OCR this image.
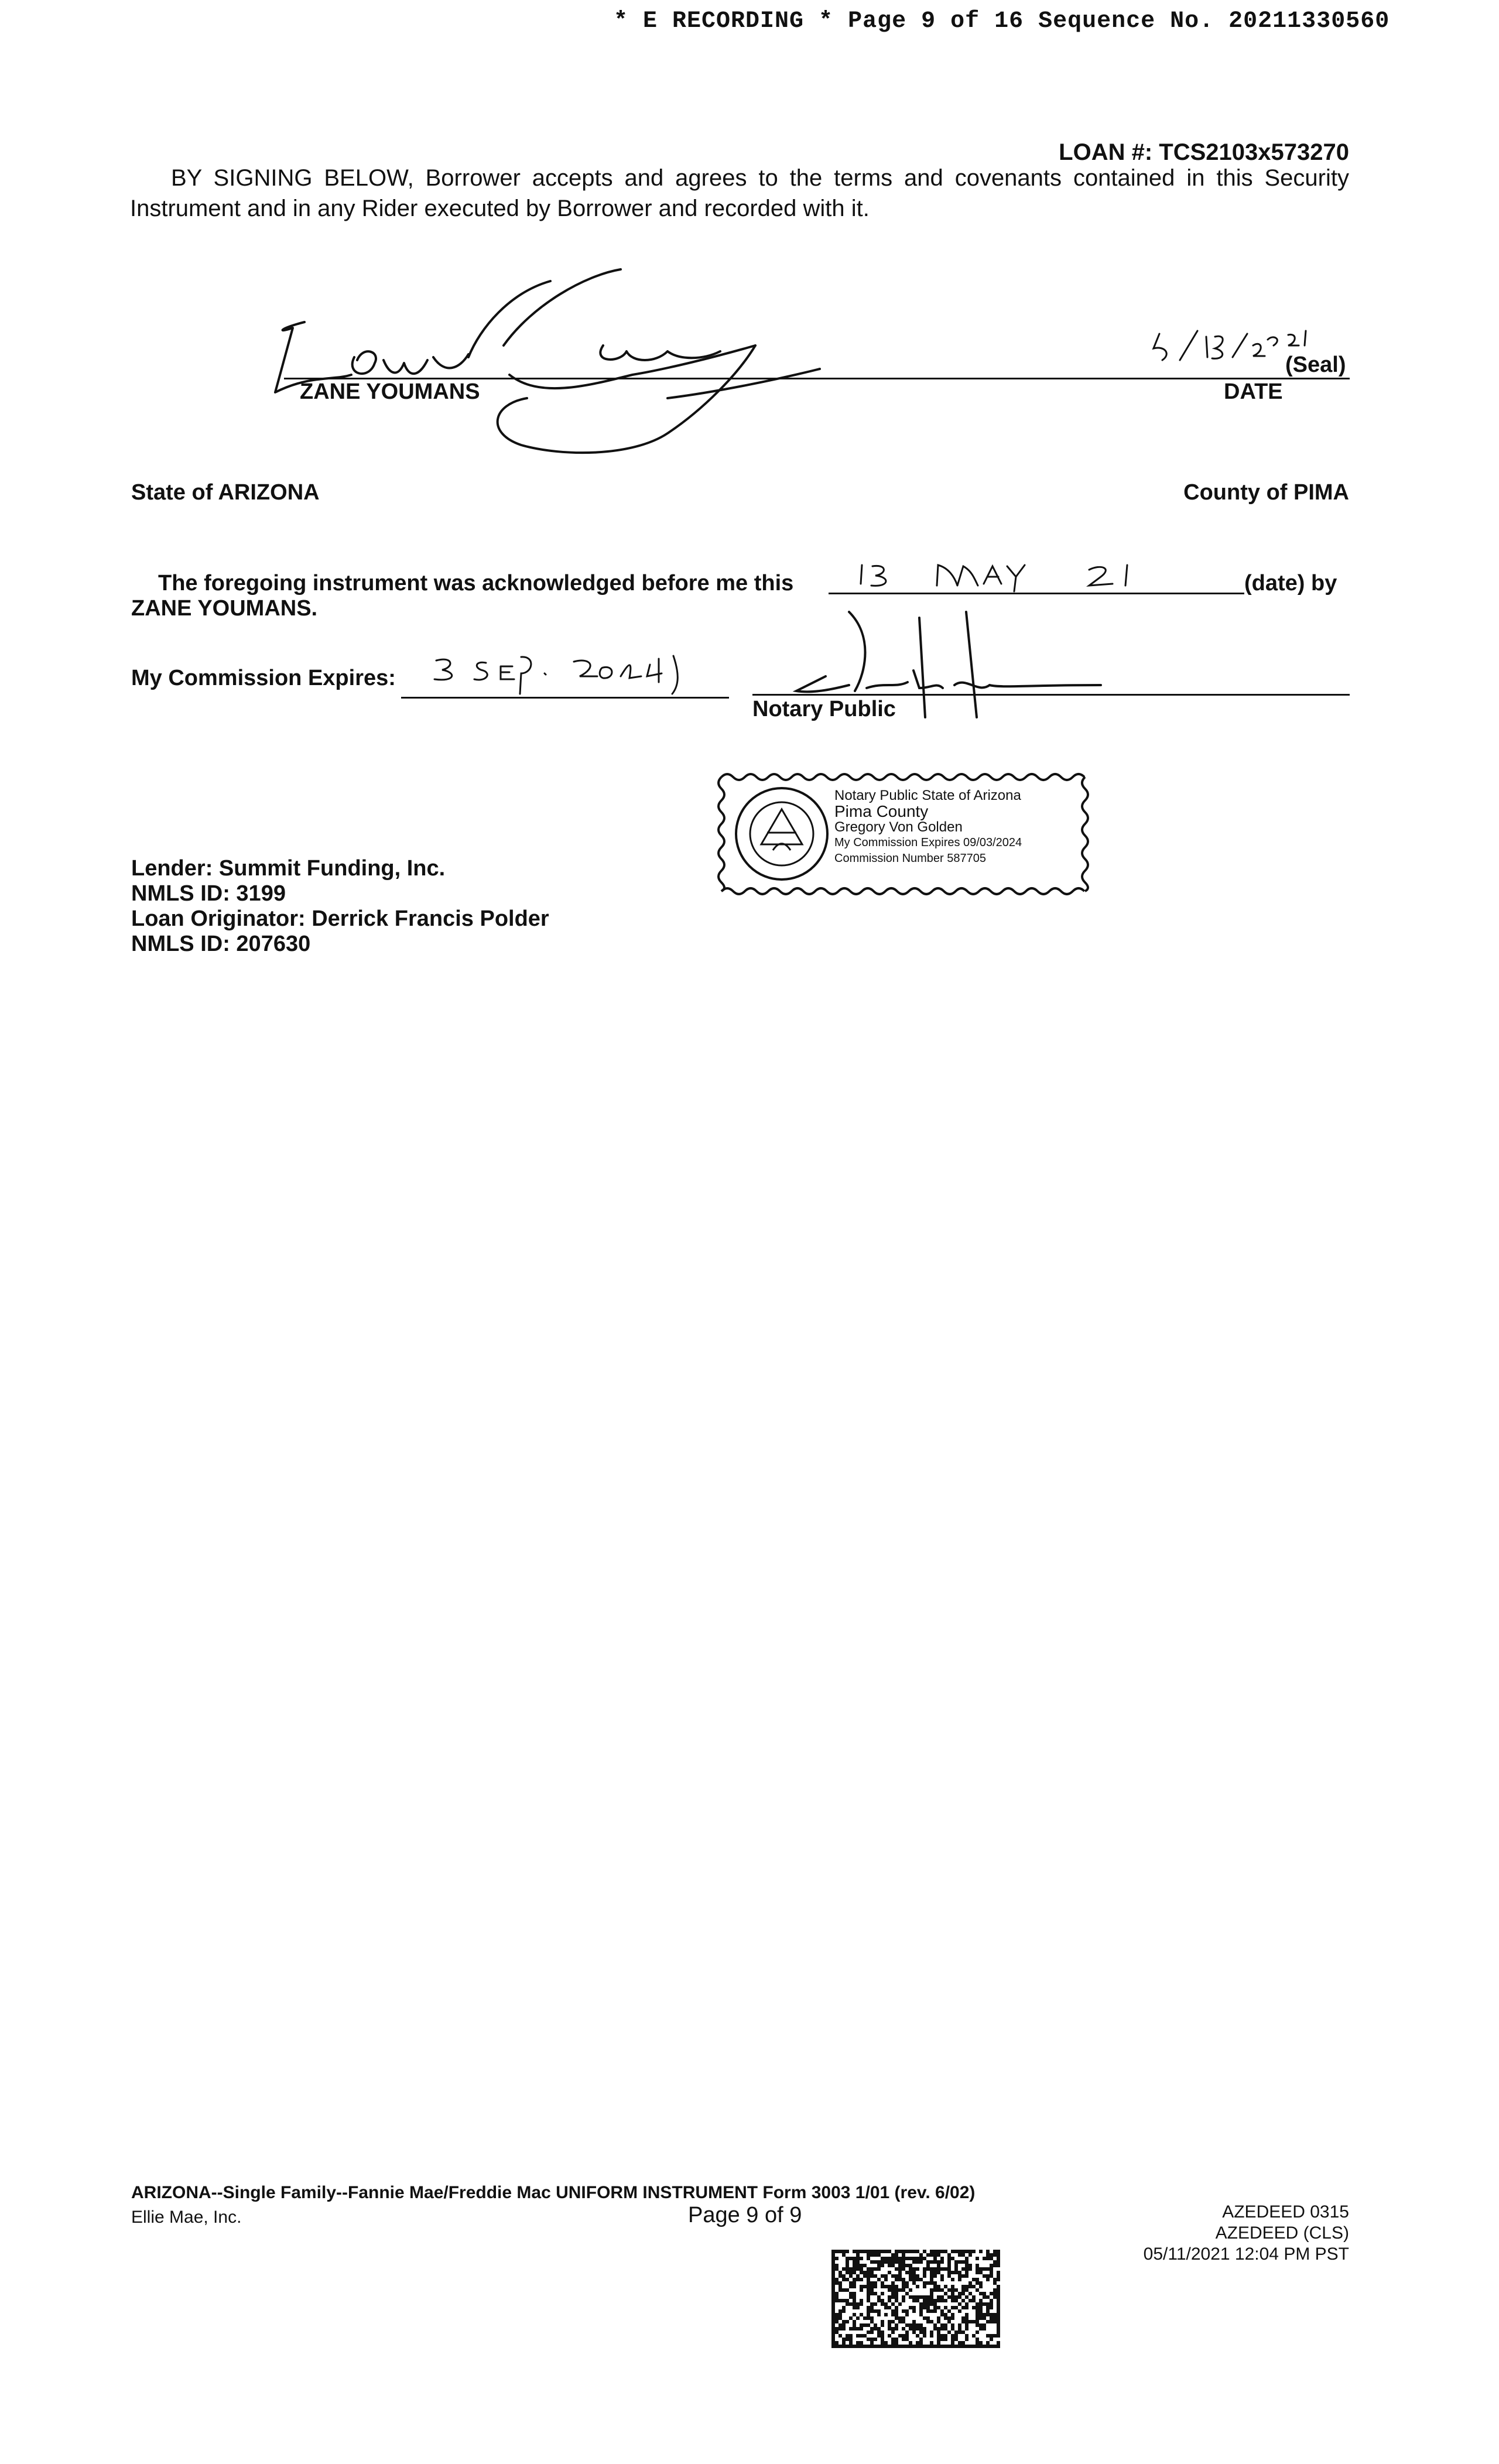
* E RECORDING * Page 9 of 16 Sequence No. 20211330560
LOAN #: TCS2103x573270
BY SIGNING BELOW, Borrower accepts and agrees to the terms and covenants contained in this Security Instrument and in any Rider executed by Borrower and recorded with it.
(Seal)
ZANE YOUMANS	DATE
State of ARIZONA	County of PIMA
The foregoing instrument was acknowledged before me this	(date) by
ZANE YOUMANS.
My Commission Expires:
Notary Public
Notary Public State of Arizona
Pima County
Gregory Von Golden
My Commission Expires 09/03/2024
Commission Number 587705
Lender: Summit Funding, Inc.
NMLS ID: 3199
Loan Originator: Derrick Francis Polder
NMLS ID: 207630
ARIZONA--Single Family--Fannie Mae/Freddie Mac UNIFORM INSTRUMENT Form 3003 1/01 (rev. 6/02)
Ellie Mae, Inc.	Page 9 of 9	AZEDEED 0315
AZEDEED (CLS)
05/11/2021 12:04 PM PST
